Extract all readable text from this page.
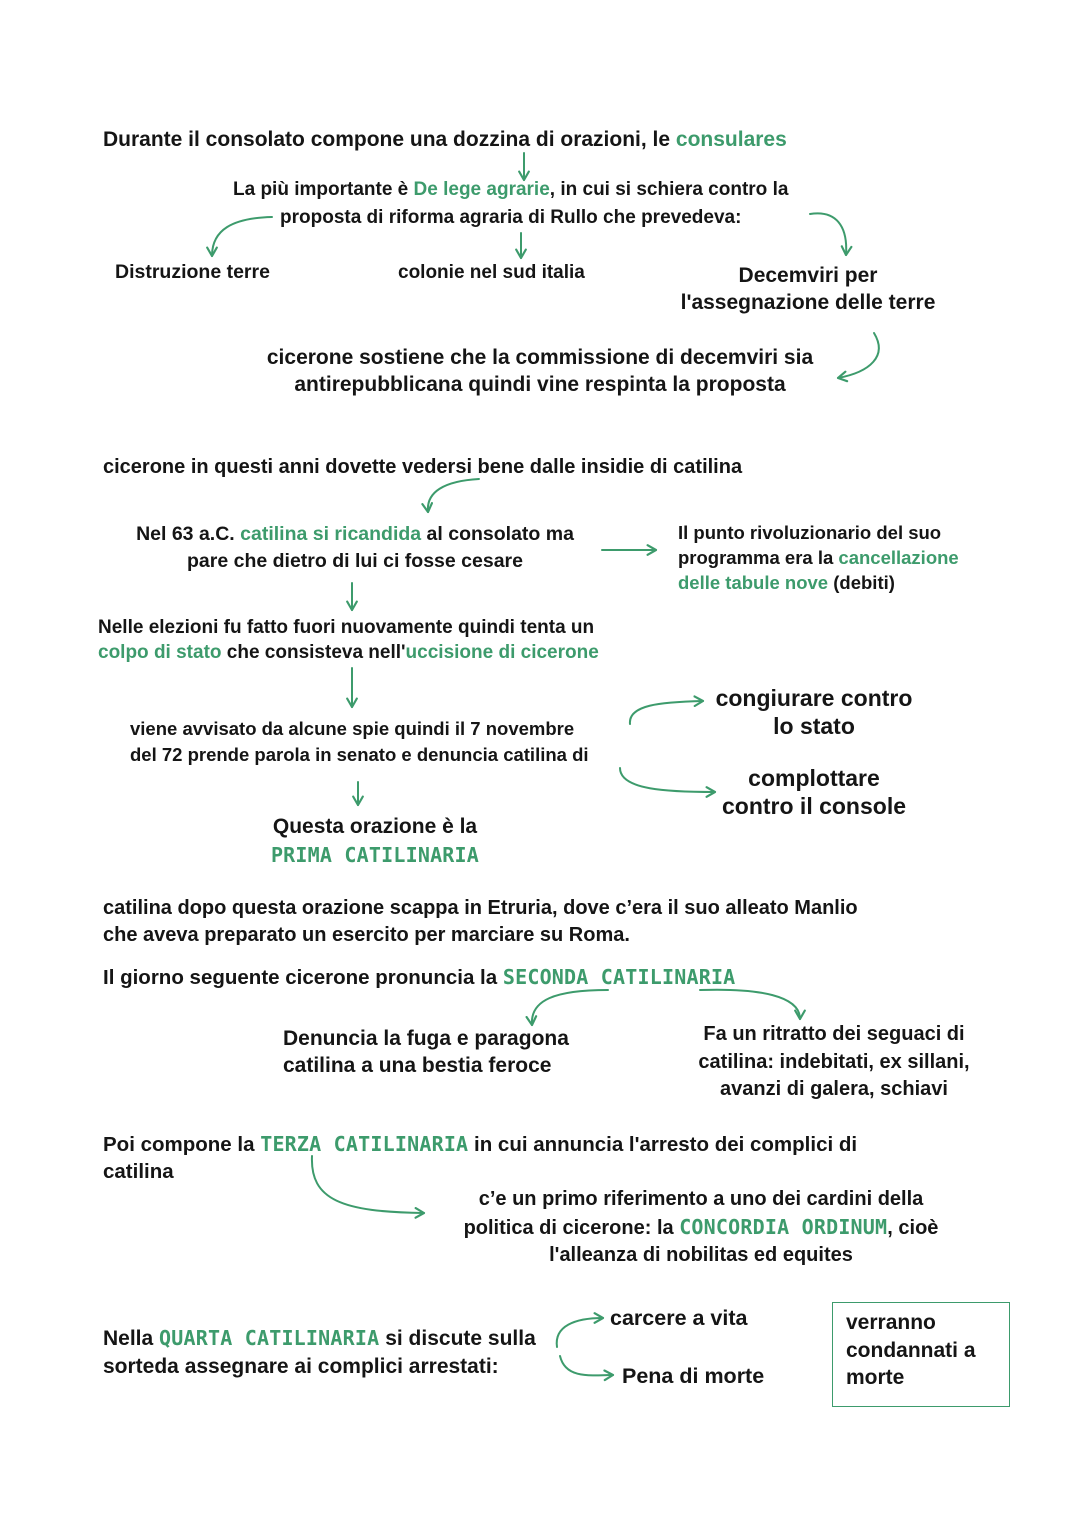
Durante il consolato compone una dozzina di orazioni, le consulares
La più importante è De lege agrarie, in cui si schiera contro la
proposta di riforma agraria di Rullo che prevedeva:
Distruzione terre	colonie nel sud italia	Decemviri per
l'assegnazione delle terre
cicerone sostiene che la commissione di decemviri sia
antirepubblicana quindi vine respinta la proposta
cicerone in questi anni dovette vedersi bene dalle insidie di catilina
Nel 63 a.C. catilina si ricandida al consolato ma
pare che dietro di lui ci fosse cesare
Il punto rivoluzionario del suo
programma era la cancellazione
delle tabule nove (debiti)
Nelle elezioni fu fatto fuori nuovamente quindi tenta un
colpo di stato che consisteva nell'uccisione di cicerone
viene avvisato da alcune spie quindi il 7 novembre
del 72 prende parola in senato e denuncia catilina di
congiurare contro
lo stato
complottare
contro il console
Questa orazione è la
PRIMA CATILINARIA
catilina dopo questa orazione scappa in Etruria, dove c’era il suo alleato Manlio
che aveva preparato un esercito per marciare su Roma.
Il giorno seguente cicerone pronuncia la SECONDA CATILINARIA
Denuncia la fuga e paragona
catilina a una bestia feroce
Fa un ritratto dei seguaci di
catilina: indebitati, ex sillani,
avanzi di galera, schiavi
Poi compone la TERZA CATILINARIA in cui annuncia l'arresto dei complici di
catilina
c’e un primo riferimento a uno dei cardini della
politica di cicerone: la CONCORDIA ORDINUM, cioè
l'alleanza di nobilitas ed equites
Nella QUARTA CATILINARIA si discute sulla
sorteda assegnare ai complici arrestati:
carcere a vita
Pena di morte
verranno
condannati a
morte
